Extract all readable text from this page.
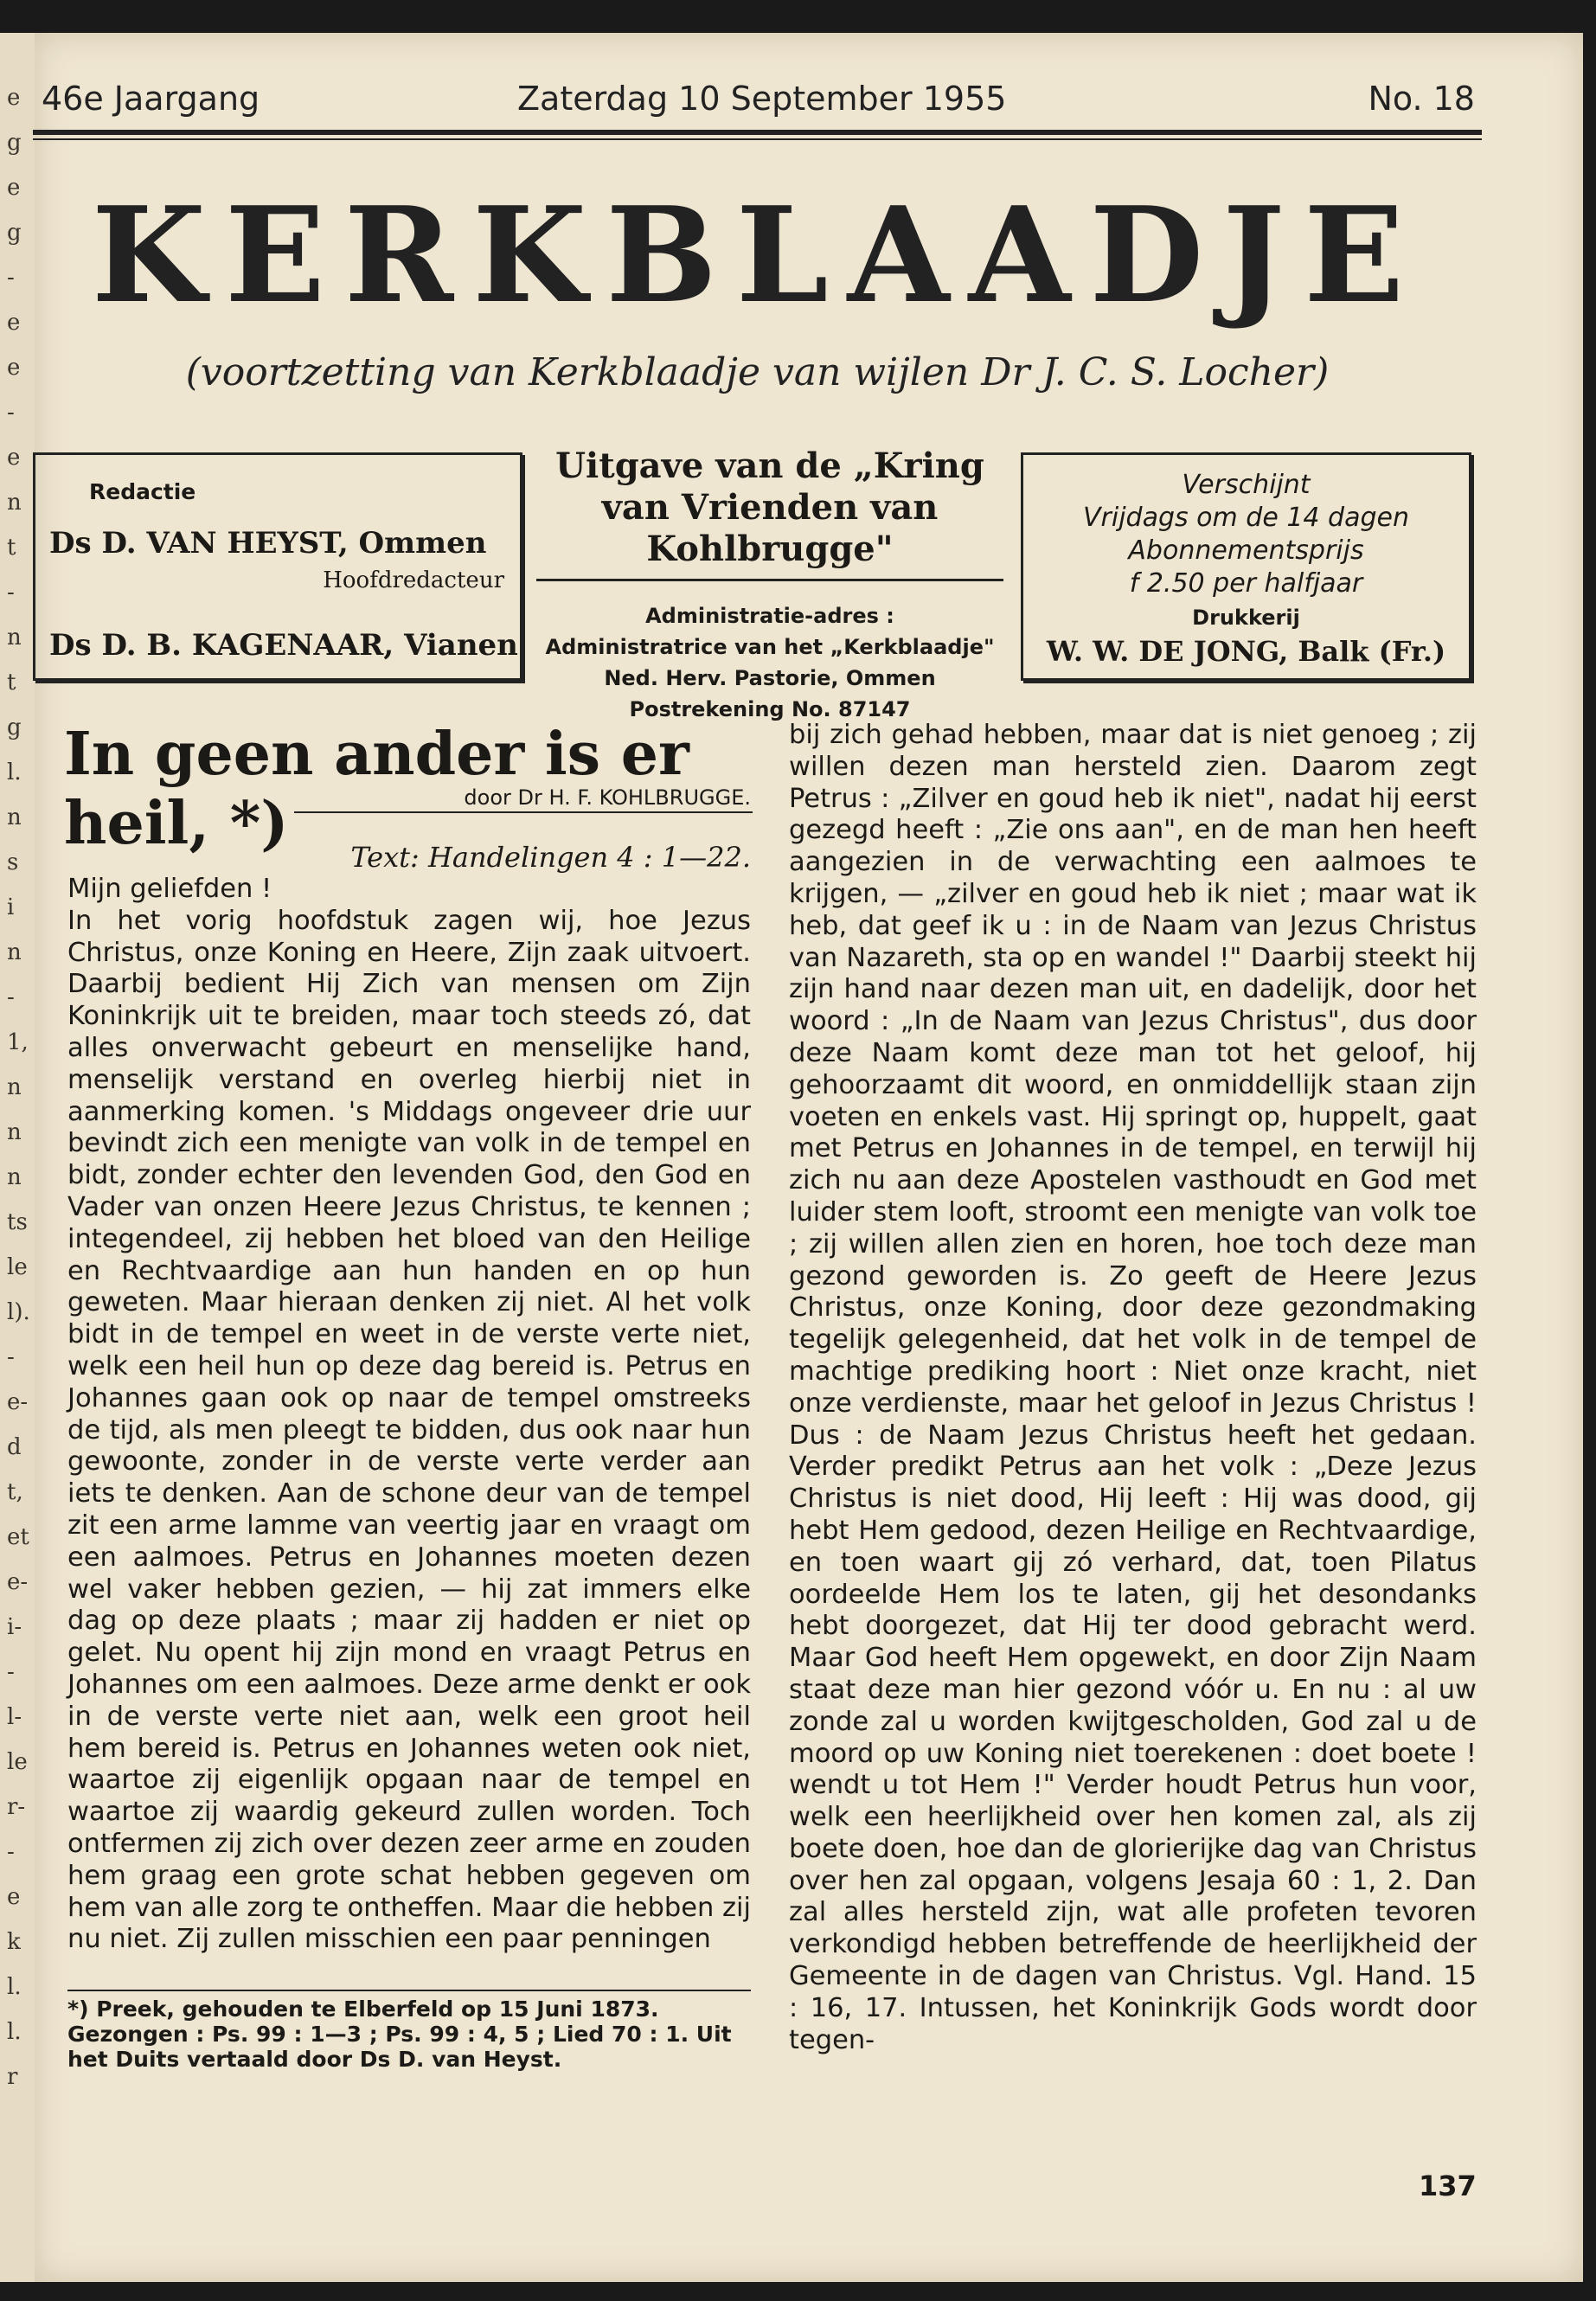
e
g
e
g
-
e
e
-
e
n
t
-
n
t
g
l.
n
s
i
n
-
1,
n
n
n
ts
le
l).
-
e-
d
t,
et
e-
i-
-
l-
le
r-
-
e
k
l.
l.
r
46e Jaargang	Zaterdag 10 September 1955	No. 18
KERKBLAADJE
(voortzetting van Kerkblaadje van wijlen Dr J. C. S. Locher)
Redactie
Ds D. VAN HEYST, Ommen
Hoofdredacteur
Ds D. B. KAGENAAR, Vianen
Uitgave van de „Kring van Vrienden van Kohlbrugge"
Administratie-adres :
Administratrice van het „Kerkblaadje"
Ned. Herv. Pastorie, Ommen
Postrekening No. 87147
Verschijnt
Vrijdags om de 14 dagen
Abonnementsprijs
f 2.50 per halfjaar
Drukkerij
W. W. DE JONG, Balk (Fr.)
In geen ander is er heil, *)	door Dr H. F. KOHLBRUGGE.
Text: Handelingen 4 : 1—22.

Mijn geliefden !

In het vorig hoofdstuk zagen wij, hoe Jezus Christus, onze Koning en Heere, Zijn zaak uitvoert. Daarbij bedient Hij Zich van mensen om Zijn Koninkrijk uit te breiden, maar toch steeds zó, dat alles onverwacht gebeurt en menselijke hand, menselijk verstand en overleg hierbij niet in aanmerking komen. 's Middags ongeveer drie uur bevindt zich een menigte van volk in de tempel en bidt, zonder echter den levenden God, den God en Vader van onzen Heere Jezus Christus, te kennen ; integendeel, zij hebben het bloed van den Heilige en Rechtvaardige aan hun handen en op hun geweten. Maar hieraan denken zij niet. Al het volk bidt in de tempel en weet in de verste verte niet, welk een heil hun op deze dag bereid is. Petrus en Johannes gaan ook op naar de tempel omstreeks de tijd, als men pleegt te bidden, dus ook naar hun gewoonte, zonder in de verste verte verder aan iets te denken. Aan de schone deur van de tempel zit een arme lamme van veertig jaar en vraagt om een aalmoes. Petrus en Johannes moeten dezen wel vaker hebben gezien, — hij zat immers elke dag op deze plaats ; maar zij hadden er niet op gelet. Nu opent hij zijn mond en vraagt Petrus en Johannes om een aalmoes. Deze arme denkt er ook in de verste verte niet aan, welk een groot heil hem bereid is. Petrus en Johannes weten ook niet, waartoe zij eigenlijk opgaan naar de tempel en waartoe zij waardig gekeurd zullen worden. Toch ontfermen zij zich over dezen zeer arme en zouden hem graag een grote schat hebben gegeven om hem van alle zorg te ontheffen. Maar die hebben zij nu niet. Zij zullen misschien een paar penningen

*) Preek, gehouden te Elberfeld op 15 Juni 1873. Gezongen : Ps. 99 : 1—3 ; Ps. 99 : 4, 5 ; Lied 70 : 1. Uit het Duits vertaald door Ds D. van Heyst.

bij zich gehad hebben, maar dat is niet genoeg ; zij willen dezen man hersteld zien. Daarom zegt Petrus : „Zilver en goud heb ik niet", nadat hij eerst gezegd heeft : „Zie ons aan", en de man hen heeft aangezien in de verwachting een aalmoes te krijgen, — „zilver en goud heb ik niet ; maar wat ik heb, dat geef ik u : in de Naam van Jezus Christus van Nazareth, sta op en wandel !" Daarbij steekt hij zijn hand naar dezen man uit, en dadelijk, door het woord : „In de Naam van Jezus Christus", dus door deze Naam komt deze man tot het geloof, hij gehoorzaamt dit woord, en onmiddellijk staan zijn voeten en enkels vast. Hij springt op, huppelt, gaat met Petrus en Johannes in de tempel, en terwijl hij zich nu aan deze Apostelen vasthoudt en God met luider stem looft, stroomt een menigte van volk toe ; zij willen allen zien en horen, hoe toch deze man gezond geworden is. Zo geeft de Heere Jezus Christus, onze Koning, door deze gezondmaking tegelijk gelegenheid, dat het volk in de tempel de machtige prediking hoort : Niet onze kracht, niet onze verdienste, maar het geloof in Jezus Christus ! Dus : de Naam Jezus Christus heeft het gedaan. Verder predikt Petrus aan het volk : „Deze Jezus Christus is niet dood, Hij leeft : Hij was dood, gij hebt Hem gedood, dezen Heilige en Rechtvaardige, en toen waart gij zó verhard, dat, toen Pilatus oordeelde Hem los te laten, gij het desondanks hebt doorgezet, dat Hij ter dood gebracht werd. Maar God heeft Hem opgewekt, en door Zijn Naam staat deze man hier gezond vóór u. En nu : al uw zonde zal u worden kwijtgescholden, God zal u de moord op uw Koning niet toerekenen : doet boete ! wendt u tot Hem !" Verder houdt Petrus hun voor, welk een heerlijkheid over hen komen zal, als zij boete doen, hoe dan de glorierijke dag van Christus over hen zal opgaan, volgens Jesaja 60 : 1, 2. Dan zal alles hersteld zijn, wat alle profeten tevoren verkondigd hebben betreffende de heerlijkheid der Gemeente in de dagen van Christus. Vgl. Hand. 15 : 16, 17. Intussen, het Koninkrijk Gods wordt door tegen-

137
